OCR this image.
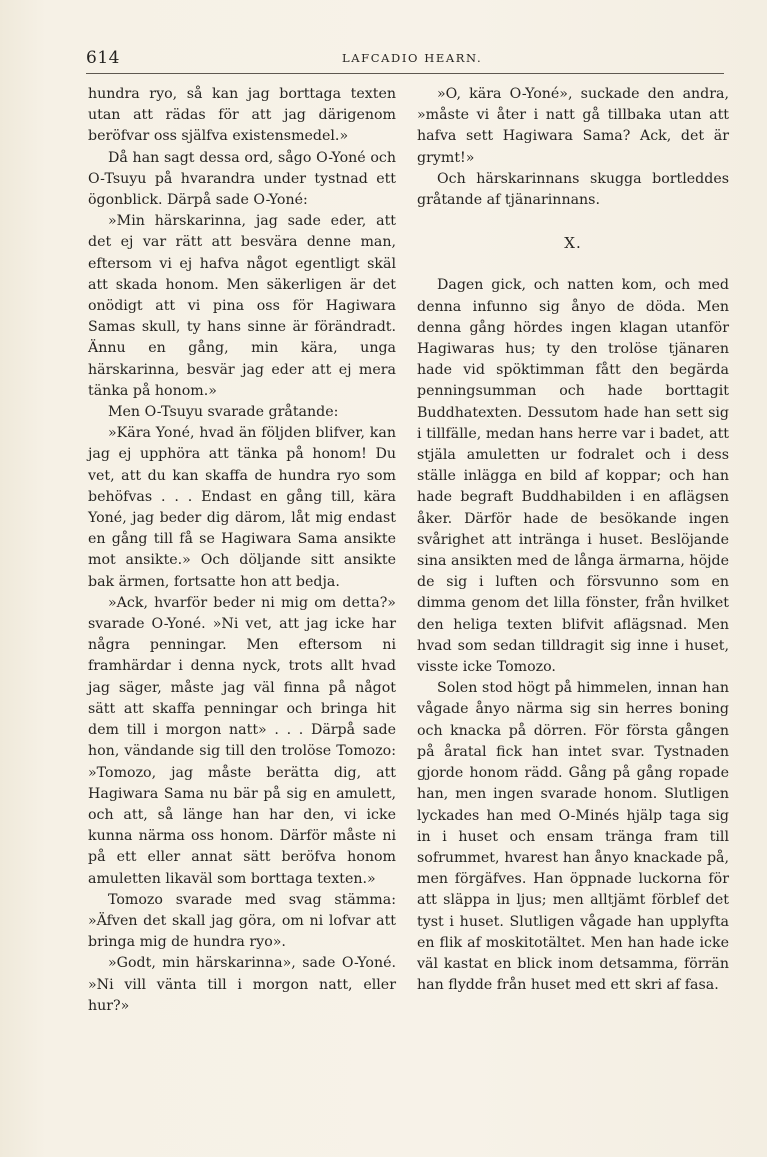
614	LAFCADIO HEARN.

hundra ryo, så kan jag borttaga texten utan att rädas för att jag därigenom beröfvar oss själfva existensmedel.»

Då han sagt dessa ord, sågo O-Yoné och O-Tsuyu på hvarandra under tystnad ett ögonblick. Därpå sade O-Yoné:

»Min härskarinna, jag sade eder, att det ej var rätt att besvära denne man, eftersom vi ej hafva något egentligt skäl att skada honom. Men säkerligen är det onödigt att vi pina oss för Hagiwara Samas skull, ty hans sinne är förändradt. Ännu en gång, min kära, unga härskarinna, besvär jag eder att ej mera tänka på honom.»

Men O-Tsuyu svarade gråtande:

»Kära Yoné, hvad än följden blifver, kan jag ej upphöra att tänka på honom! Du vet, att du kan skaffa de hundra ryo som behöfvas . . . Endast en gång till, kära Yoné, jag beder dig därom, låt mig endast en gång till få se Hagiwara Sama ansikte mot ansikte.» Och döljande sitt ansikte bak ärmen, fortsatte hon att bedja.

»Ack, hvarför beder ni mig om detta?» svarade O-Yoné. »Ni vet, att jag icke har några penningar. Men eftersom ni framhärdar i denna nyck, trots allt hvad jag säger, måste jag väl finna på något sätt att skaffa penningar och bringa hit dem till i morgon natt» . . . Därpå sade hon, vändande sig till den trolöse Tomozo: »Tomozo, jag måste berätta dig, att Hagiwara Sama nu bär på sig en amulett, och att, så länge han har den, vi icke kunna närma oss honom. Därför måste ni på ett eller annat sätt beröfva honom amuletten likaväl som borttaga texten.»

Tomozo svarade med svag stämma: »Äfven det skall jag göra, om ni lofvar att bringa mig de hundra ryo».

»Godt, min härskarinna», sade O-Yoné. »Ni vill vänta till i morgon natt, eller hur?»

»O, kära O-Yoné», suckade den andra, »måste vi åter i natt gå tillbaka utan att hafva sett Hagiwara Sama? Ack, det är grymt!»

Och härskarinnans skugga bortleddes gråtande af tjänarinnans.

X.

Dagen gick, och natten kom, och med denna infunno sig ånyo de döda. Men denna gång hördes ingen klagan utanför Hagiwaras hus; ty den trolöse tjänaren hade vid spöktimman fått den begärda penningsumman och hade borttagit Buddhatexten. Dessutom hade han sett sig i tillfälle, medan hans herre var i badet, att stjäla amuletten ur fodralet och i dess ställe inlägga en bild af koppar; och han hade begraft Buddhabilden i en aflägsen åker. Därför hade de besökande ingen svårighet att intränga i huset. Beslöjande sina ansikten med de långa ärmarna, höjde de sig i luften och försvunno som en dimma genom det lilla fönster, från hvilket den heliga texten blifvit aflägsnad. Men hvad som sedan tilldragit sig inne i huset, visste icke Tomozo.

Solen stod högt på himmelen, innan han vågade ånyo närma sig sin herres boning och knacka på dörren. För första gången på åratal fick han intet svar. Tystnaden gjorde honom rädd. Gång på gång ropade han, men ingen svarade honom. Slutligen lyckades han med O-Minés hjälp taga sig in i huset och ensam tränga fram till sofrummet, hvarest han ånyo knackade på, men förgäfves. Han öppnade luckorna för att släppa in ljus; men alltjämt förblef det tyst i huset. Slutligen vågade han upplyfta en flik af moskitotältet. Men han hade icke väl kastat en blick inom detsamma, förrän han flydde från huset med ett skri af fasa.
